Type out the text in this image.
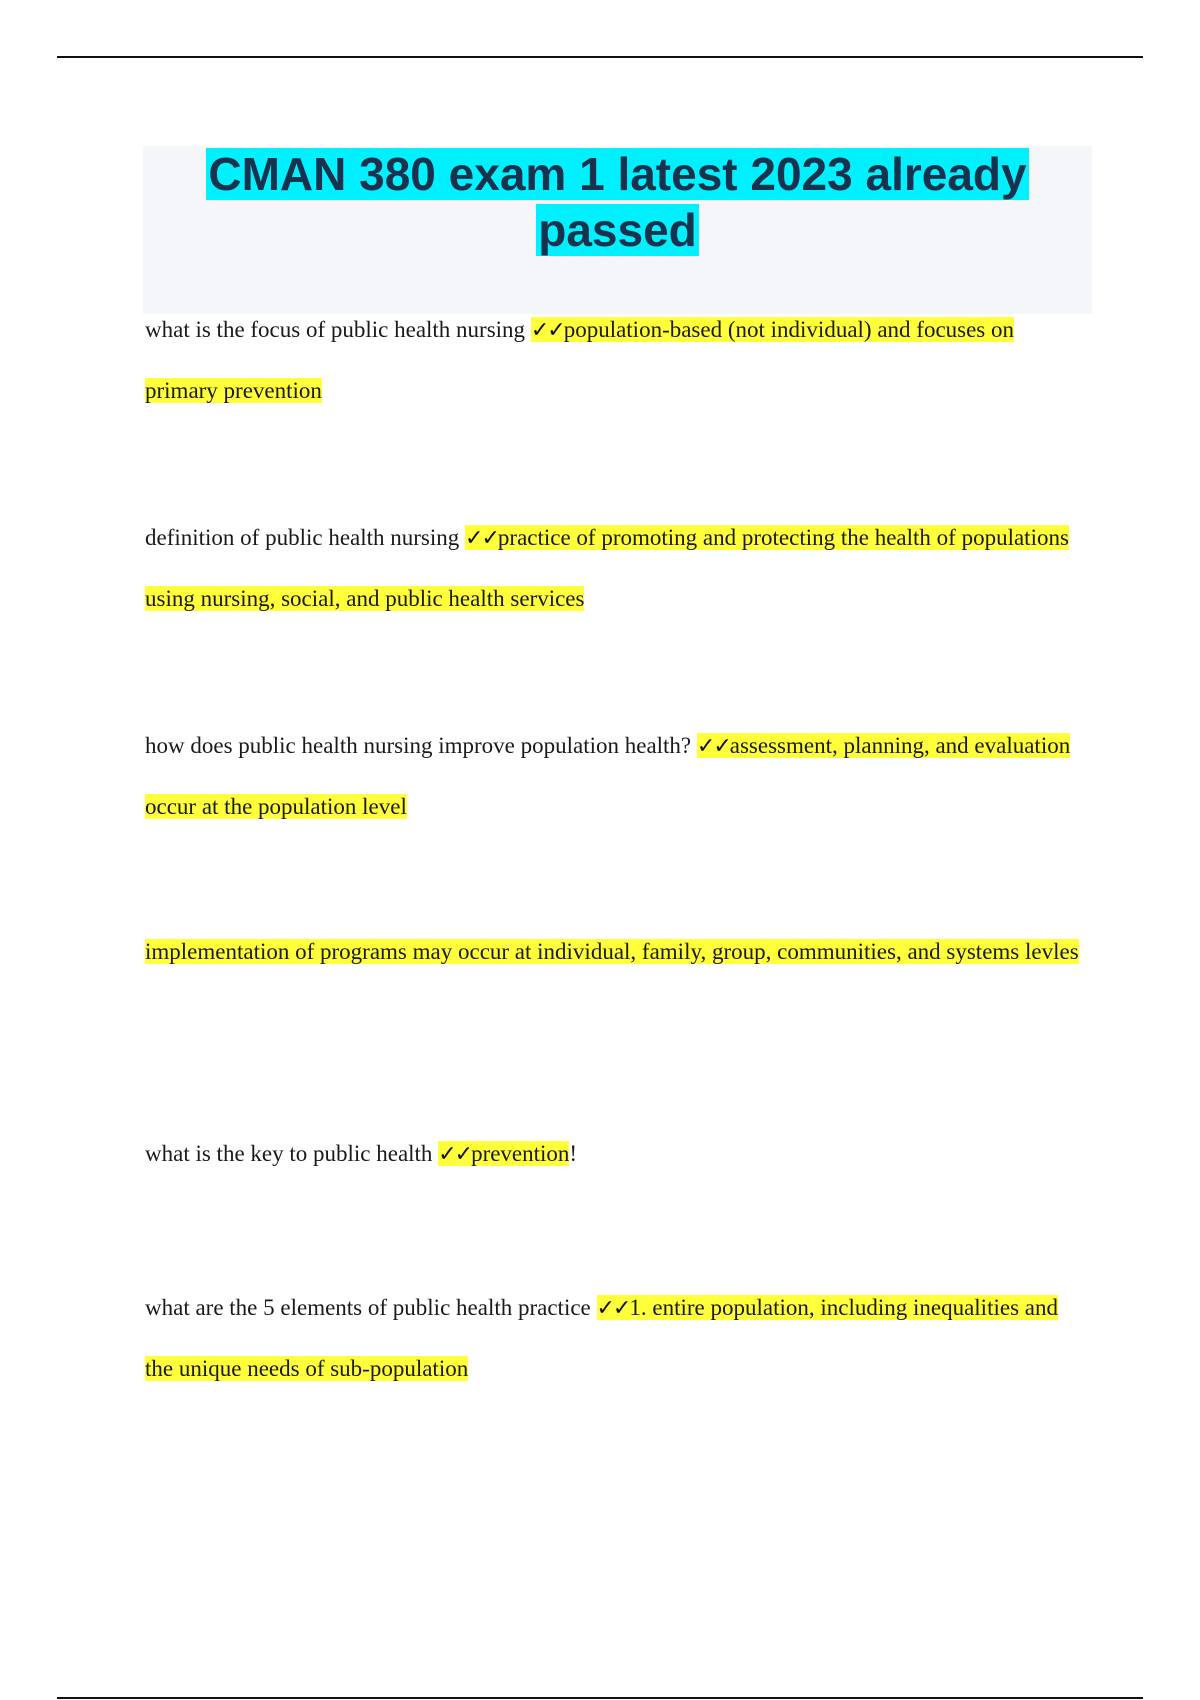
CMAN 380 exam 1 latest 2023 already passed
what is the focus of public health nursing ✓✓population-based (not individual) and focuses on primary prevention
definition of public health nursing ✓✓practice of promoting and protecting the health of populations using nursing, social, and public health services
how does public health nursing improve population health? ✓✓assessment, planning, and evaluation occur at the population level
implementation of programs may occur at individual, family, group, communities, and systems levles
what is the key to public health ✓✓prevention!
what are the 5 elements of public health practice ✓✓1. entire population, including inequalities and the unique needs of sub-population
